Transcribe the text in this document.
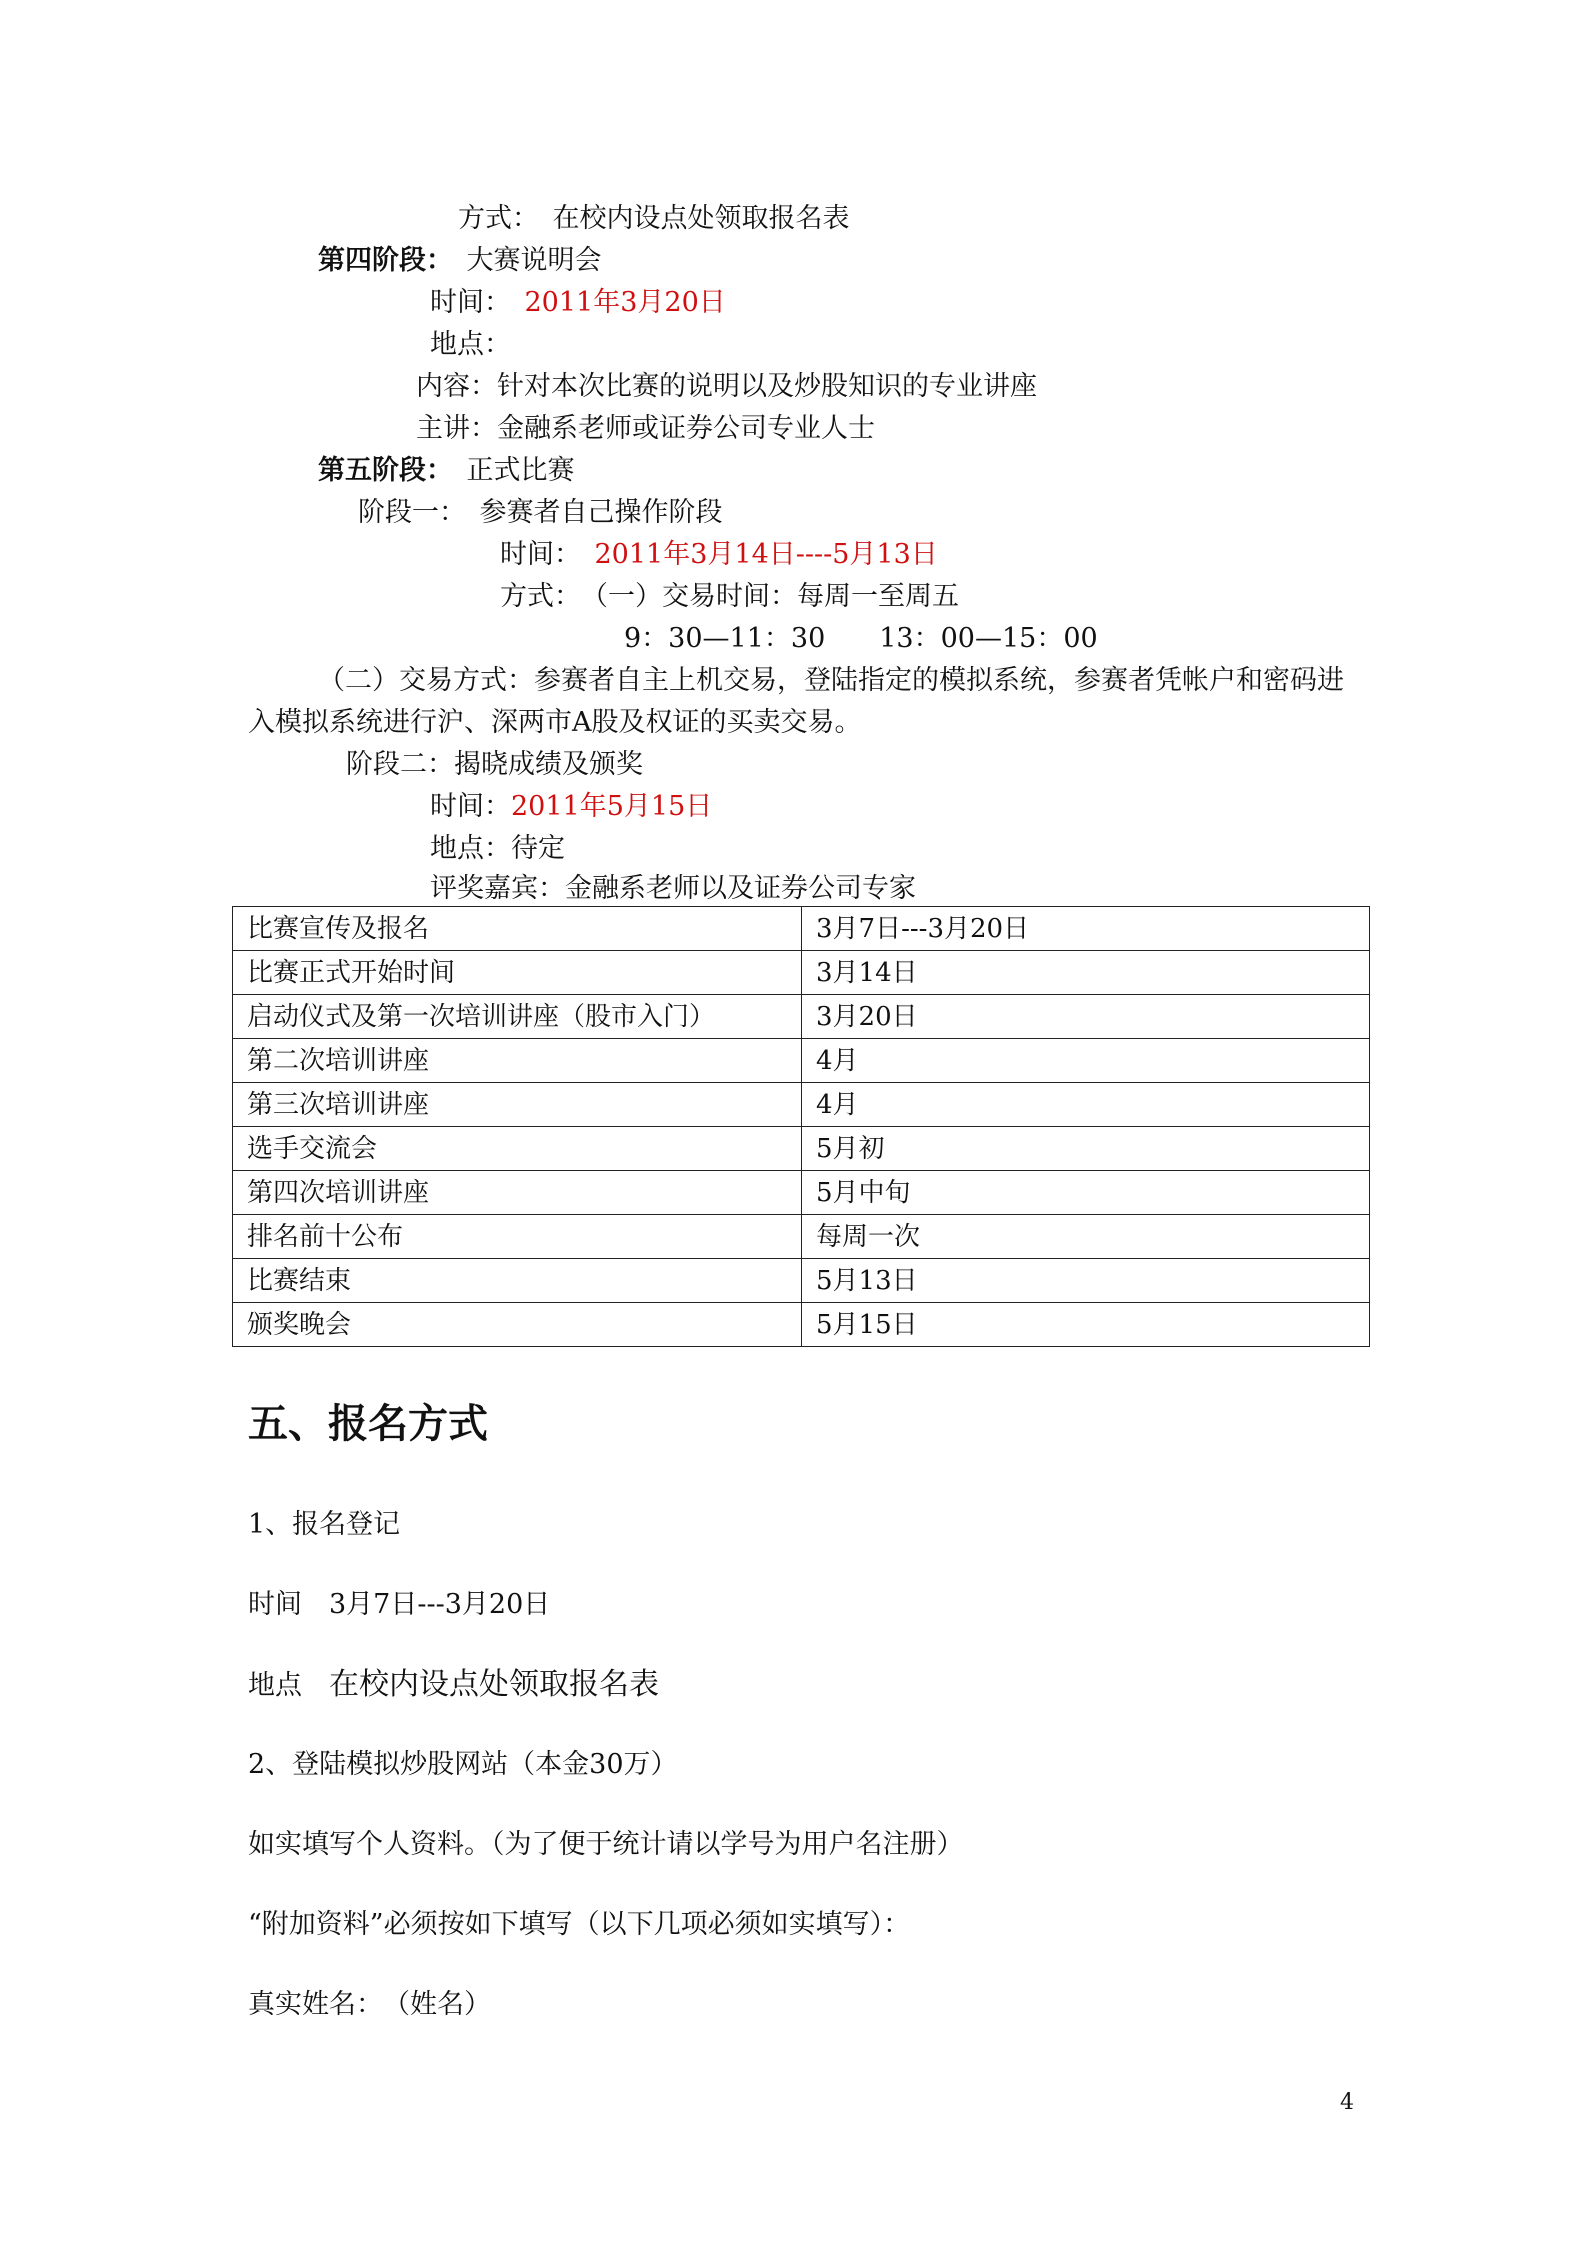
方式：　 在校内设点处领取报名表
第四阶段：　 大赛说明会
时间：　 2011年3月20日
地点：
内容：针对本次比赛的说明以及炒股知识的专业讲座
主讲：金融系老师或证券公司专业人士
第五阶段：　 正式比赛
阶段一：　 参赛者自己操作阶段
时间：　 2011年3月14日----5月13日
方式：　 （一）交易时间：每周一至周五
9：30—11：30　　13：00—15：00
（二）交易方式：参赛者自主上机交易，登陆指定的模拟系统，参赛者凭帐户和密码进
入模拟系统进行沪、深两市A股及权证的买卖交易。
阶段二：揭晓成绩及颁奖
时间：2011年5月15日
地点：待定
评奖嘉宾：金融系老师以及证券公司专家
比赛宣传及报名	3月7日---3月20日
比赛正式开始时间	3月14日
启动仪式及第一次培训讲座（股市入门）	3月20日
第二次培训讲座	4月
第三次培训讲座	4月
选手交流会	5月初
第四次培训讲座	5月中旬
排名前十公布	每周一次
比赛结束	5月13日
颁奖晚会	5月15日
五、报名方式
1、报名登记
时间　3月7日---3月20日
地点　 在校内设点处领取报名表
2、登陆模拟炒股网站（本金30万）
如实填写个人资料。（为了便于统计请以学号为用户名注册）
“附加资料”必须按如下填写（以下几项必须如实填写）：
真实姓名：　 （姓名）
4
